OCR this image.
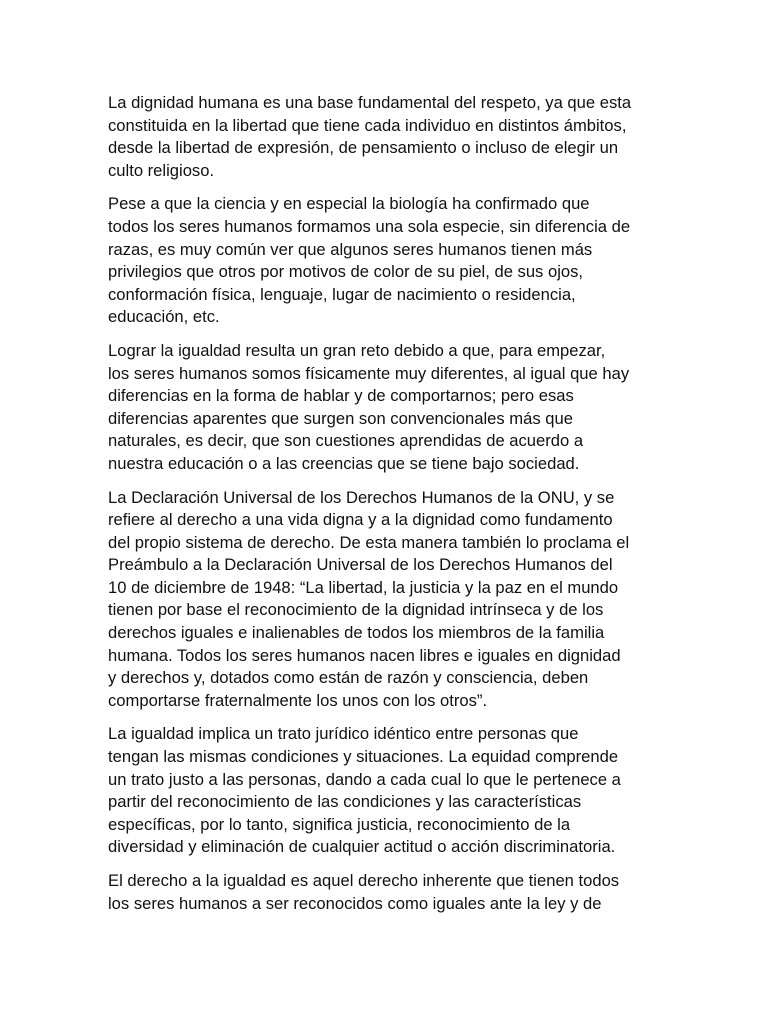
La dignidad humana es una base fundamental del respeto, ya que esta
constituida en la libertad que tiene cada individuo en distintos ámbitos,
desde la libertad de expresión, de pensamiento o incluso de elegir un
culto religioso.

Pese a que la ciencia y en especial la biología ha confirmado que
todos los seres humanos formamos una sola especie, sin diferencia de
razas, es muy común ver que algunos seres humanos tienen más
privilegios que otros por motivos de color de su piel, de sus ojos,
conformación física, lenguaje, lugar de nacimiento o residencia,
educación, etc.

Lograr la igualdad resulta un gran reto debido a que, para empezar,
los seres humanos somos físicamente muy diferentes, al igual que hay
diferencias en la forma de hablar y de comportarnos; pero esas
diferencias aparentes que surgen son convencionales más que
naturales, es decir, que son cuestiones aprendidas de acuerdo a
nuestra educación o a las creencias que se tiene bajo sociedad.

La Declaración Universal de los Derechos Humanos de la ONU, y se
refiere al derecho a una vida digna y a la dignidad como fundamento
del propio sistema de derecho. De esta manera también lo proclama el
Preámbulo a la Declaración Universal de los Derechos Humanos del
10 de diciembre de 1948: “La libertad, la justicia y la paz en el mundo
tienen por base el reconocimiento de la dignidad intrínseca y de los
derechos iguales e inalienables de todos los miembros de la familia
humana. Todos los seres humanos nacen libres e iguales en dignidad
y derechos y, dotados como están de razón y consciencia, deben
comportarse fraternalmente los unos con los otros”.

La igualdad implica un trato jurídico idéntico entre personas que
tengan las mismas condiciones y situaciones. La equidad comprende
un trato justo a las personas, dando a cada cual lo que le pertenece a
partir del reconocimiento de las condiciones y las características
específicas, por lo tanto, significa justicia, reconocimiento de la
diversidad y eliminación de cualquier actitud o acción discriminatoria.

El derecho a la igualdad es aquel derecho inherente que tienen todos
los seres humanos a ser reconocidos como iguales ante la ley y de
